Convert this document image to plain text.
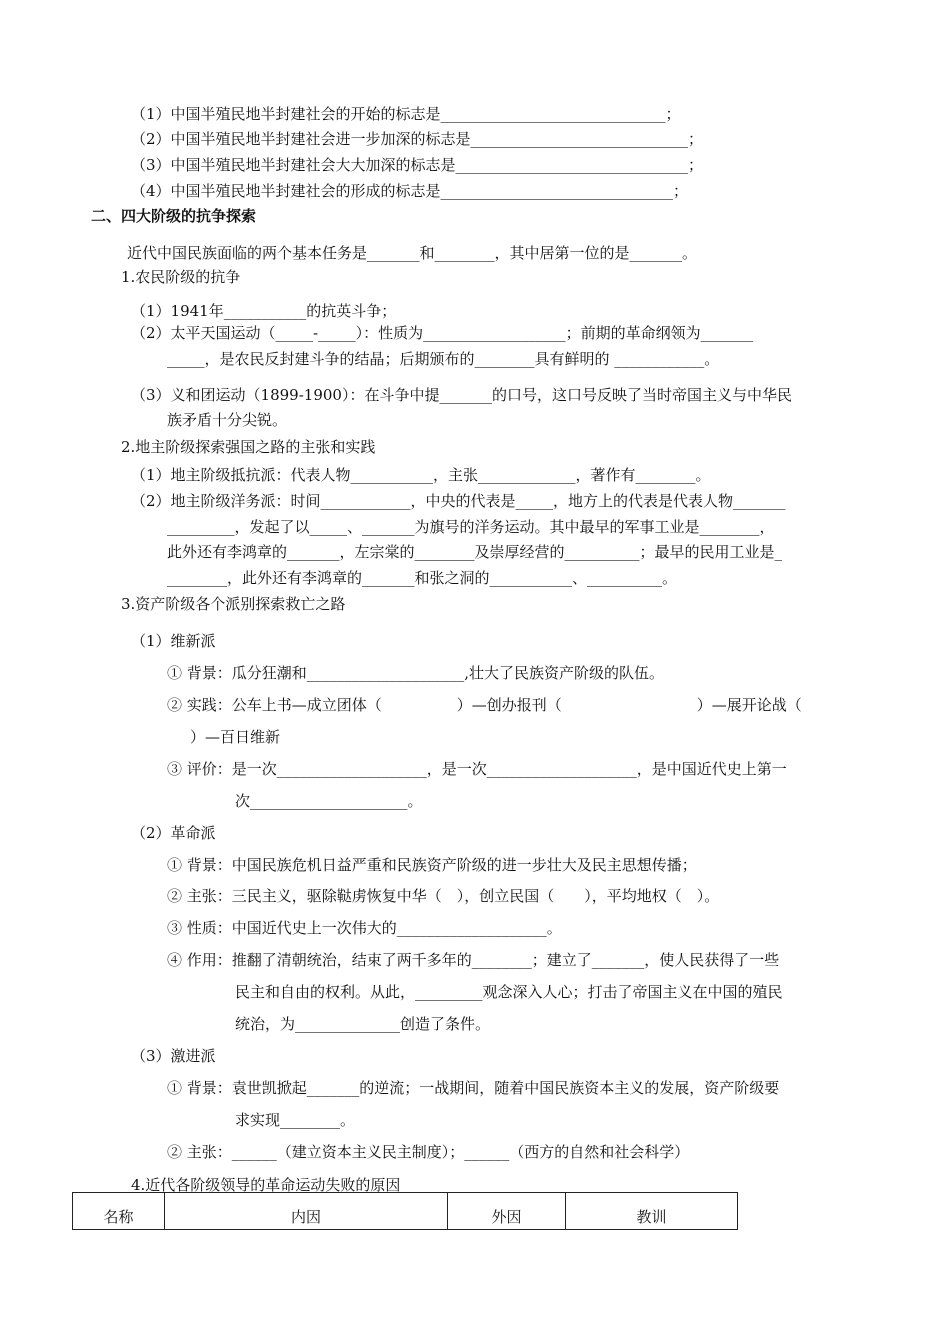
（1）中国半殖民地半封建社会的开始的标志是______________________________；
（2）中国半殖民地半封建社会进一步加深的标志是_____________________________；
（3）中国半殖民地半封建社会大大加深的标志是_______________________________；
（4）中国半殖民地半封建社会的形成的标志是_______________________________；
二、四大阶级的抗争探索
近代中国民族面临的两个基本任务是_______和________，其中居第一位的是_______。
1.农民阶级的抗争
（1）1941年___________的抗英斗争；
（2）太平天国运动（_____-_____）：性质为___________________；前期的革命纲领为_______
_____，是农民反封建斗争的结晶；后期颁布的________具有鲜明的 ____________。
（3）义和团运动（1899-1900）：在斗争中提_______的口号，这口号反映了当时帝国主义与中华民
族矛盾十分尖锐。
2.地主阶级探索强国之路的主张和实践
（1）地主阶级抵抗派：代表人物___________，主张_____________，著作有________。
（2）地主阶级洋务派：时间____________，中央的代表是_____，地方上的代表是代表人物_______
_________，发起了以_____、_______为旗号的洋务运动。其中最早的军事工业是________，
此外还有李鸿章的_______，左宗棠的________及崇厚经营的__________；最早的民用工业是_
________，此外还有李鸿章的_______和张之洞的___________、__________。
3.资产阶级各个派别探索救亡之路
（1）维新派
① 背景：瓜分狂潮和_____________________,壮大了民族资产阶级的队伍。
② 实践：公车上书—成立团体（　　　　　）—创办报刊（　　　　　　　　　）—展开论战（
）—百日维新
③ 评价：是一次____________________，是一次____________________，是中国近代史上第一
次_____________________。
（2）革命派
① 背景：中国民族危机日益严重和民族资产阶级的进一步壮大及民主思想传播；
② 主张：三民主义，驱除鞑虏恢复中华（　），创立民国（　　），平均地权（　）。
③ 性质：中国近代史上一次伟大的____________________。
④ 作用：推翻了清朝统治，结束了两千多年的________；建立了_______，使人民获得了一些
民主和自由的权利。从此，_________观念深入人心；打击了帝国主义在中国的殖民
统治，为______________创造了条件。
（3）激进派
① 背景：袁世凯掀起_______的逆流；一战期间，随着中国民族资本主义的发展，资产阶级要
求实现________。
② 主张：______（建立资本主义民主制度）；______（西方的自然和社会科学）
4.近代各阶级领导的革命运动失败的原因
名称	内因	外因	教训
